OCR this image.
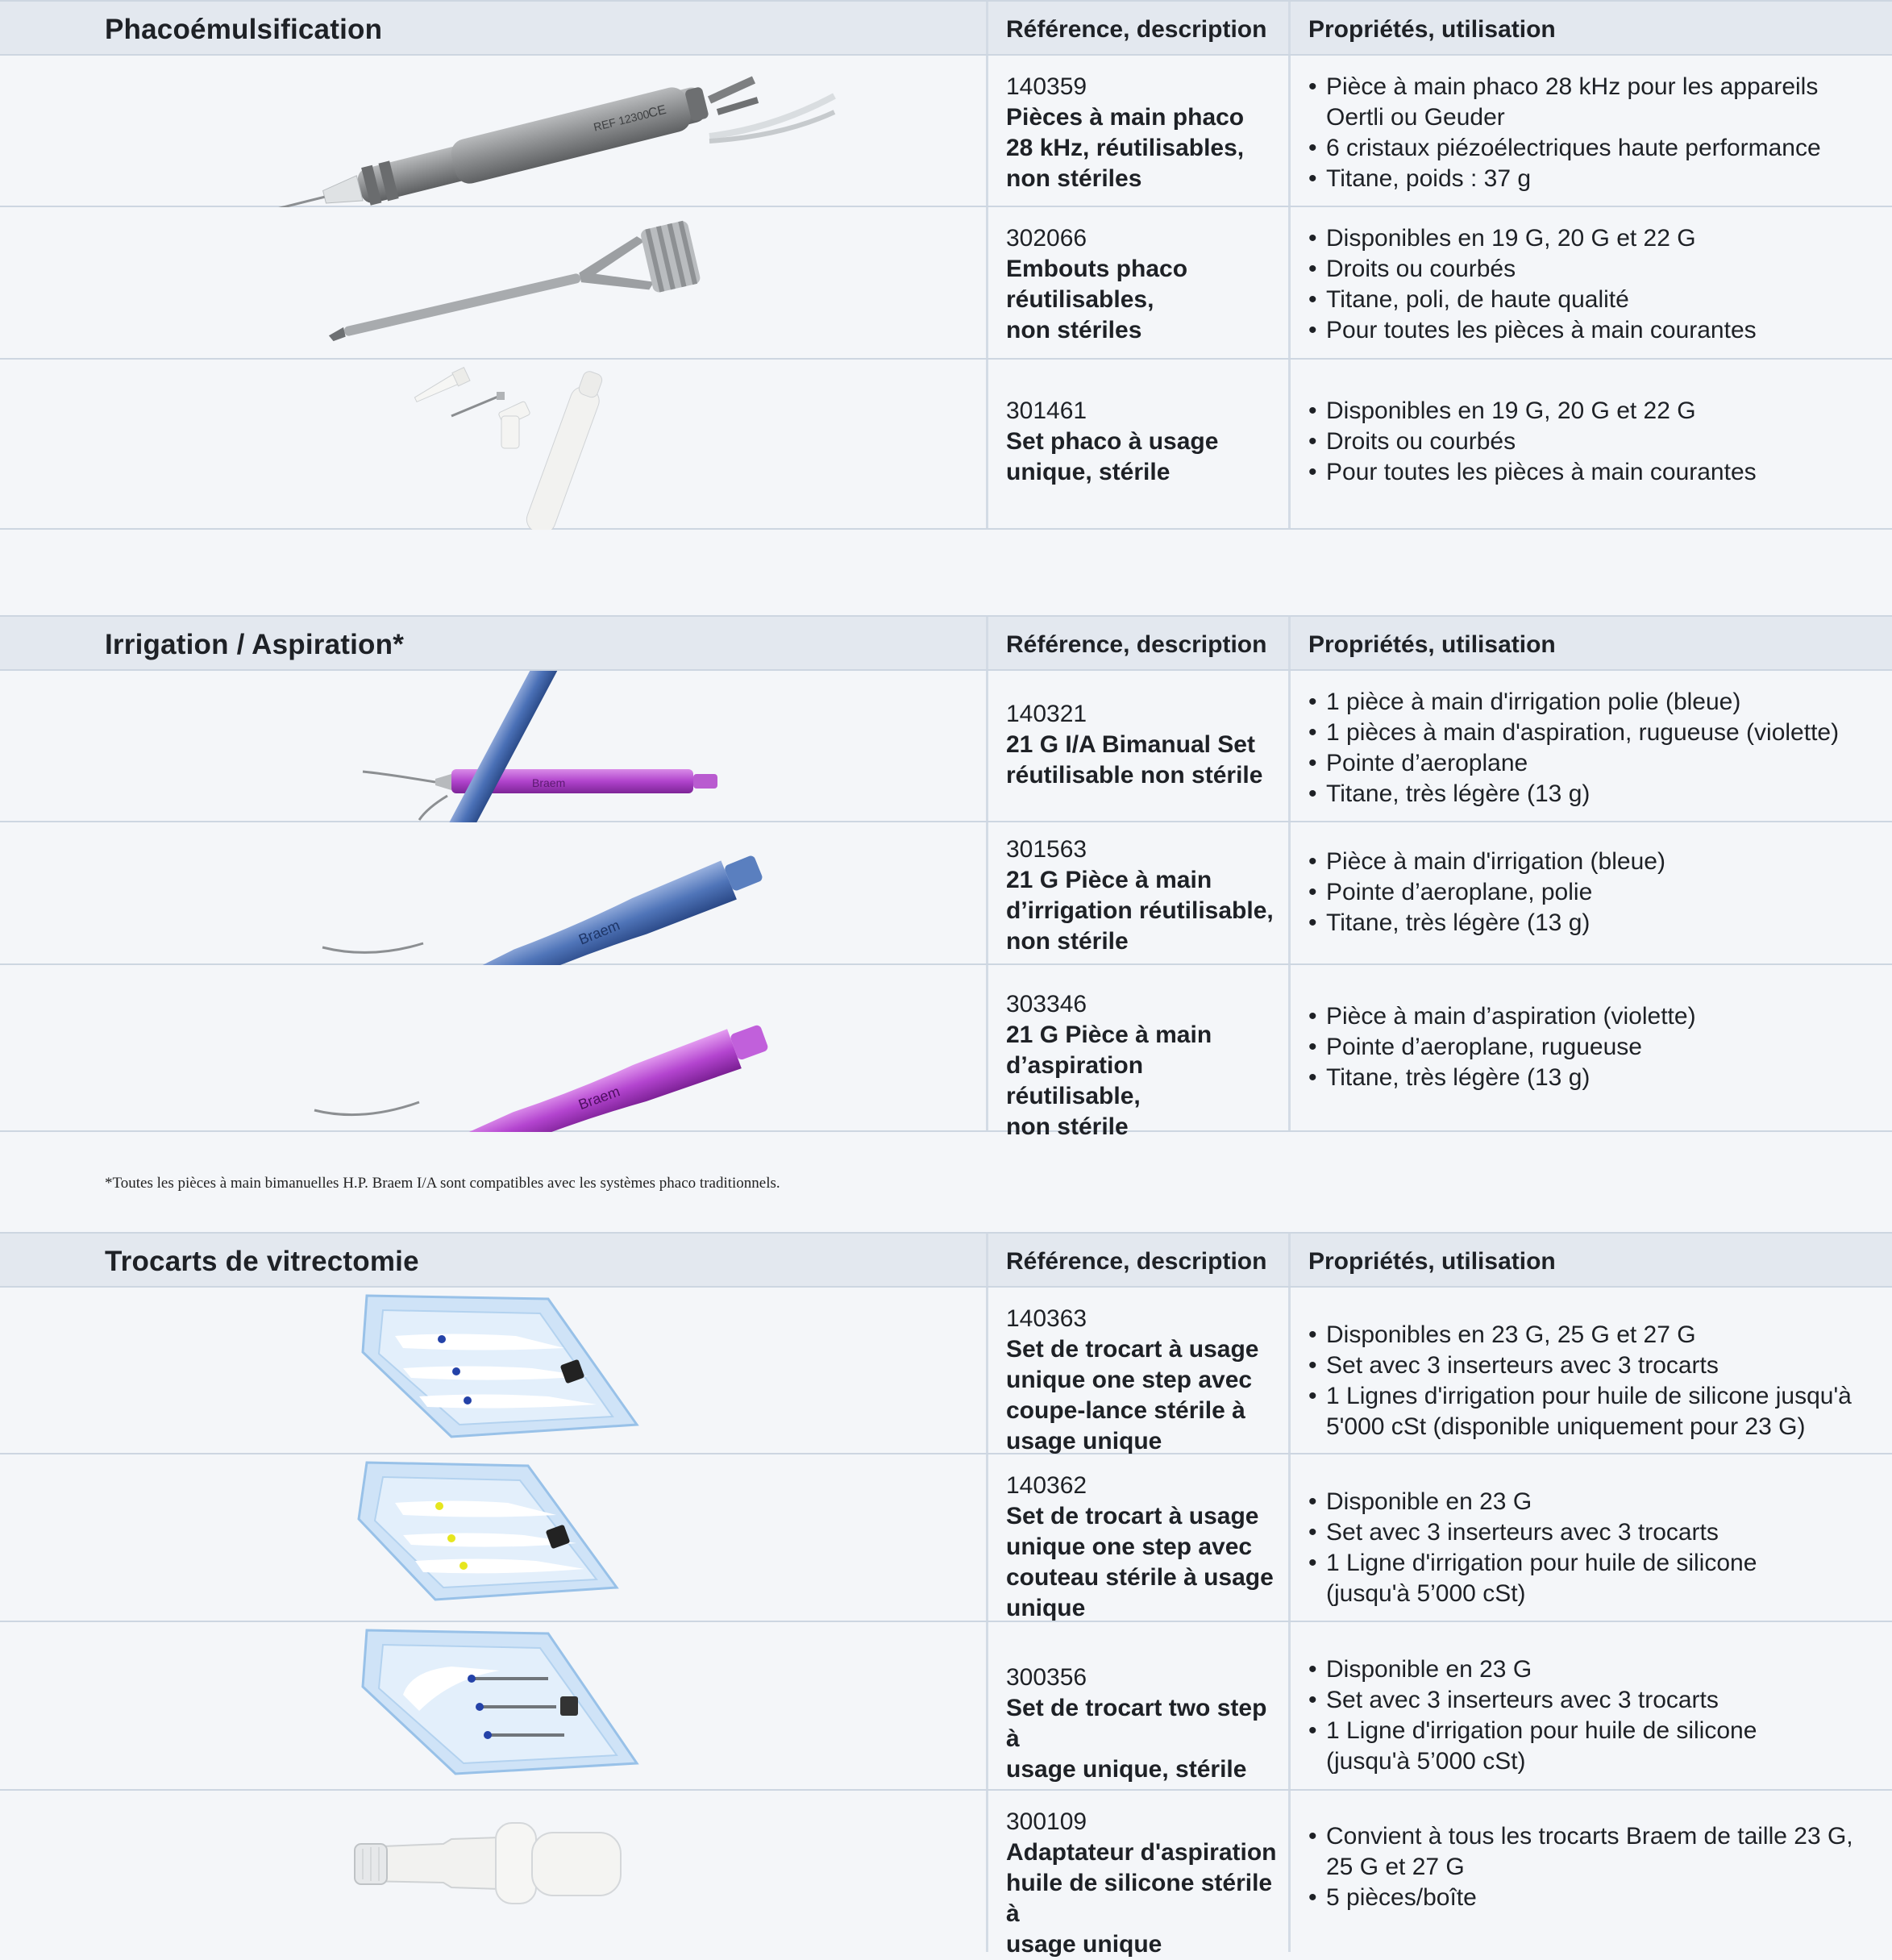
Phacoémulsification	Référence, description Propriétés, utilisation
REF 12300
CE
140359
Pièces à main phaco
28 kHz, réutilisables,
non stériles
• Pièce à main phaco 28 kHz pour les appareils
Oertli ou Geuder
• 6 cristaux piézoélectriques haute performance
• Titane, poids : 37 g
302066
Embouts phaco
réutilisables,
non stériles
• Disponibles en 19 G, 20 G et 22 G
• Droits ou courbés
• Titane, poli, de haute qualité
• Pour toutes les pièces à main courantes
301461
Set phaco à usage
unique, stérile
• Disponibles en 19 G, 20 G et 22 G
• Droits ou courbés
• Pour toutes les pièces à main courantes
Irrigation / Aspiration*	Référence, description Propriétés, utilisation
Braem
140321
21 G I/A Bimanual Set
réutilisable non stérile
• 1 pièce à main d'irrigation polie (bleue)
• 1 pièces à main d'aspiration, rugueuse (violette)
• Pointe d’aeroplane
• Titane, très légère (13 g)
Braem
301563
21 G Pièce à main
d’irrigation réutilisable,
non stérile
• Pièce à main d'irrigation (bleue)
• Pointe d’aeroplane, polie
• Titane, très légère (13 g)
Braem
303346
21 G Pièce à main
d’aspiration réutilisable,
non stérile
• Pièce à main d’aspiration (violette)
• Pointe d’aeroplane, rugueuse
• Titane, très légère (13 g)
*Toutes les pièces à main bimanuelles H.P. Braem I/A sont compatibles avec les systèmes phaco traditionnels.
Trocarts de vitrectomie	Référence, description Propriétés, utilisation
140363
Set de trocart à usage
unique one step avec
coupe-lance stérile à
usage unique
• Disponibles en 23 G, 25 G et 27 G
• Set avec 3 inserteurs avec 3 trocarts
• 1 Lignes d'irrigation pour huile de silicone jusqu'à
5'000 cSt (disponible uniquement pour 23 G)
140362
Set de trocart à usage
unique one step avec
couteau stérile à usage
unique
• Disponible en 23 G
• Set avec 3 inserteurs avec 3 trocarts
• 1 Ligne d'irrigation pour huile de silicone
(jusqu'à 5’000 cSt)
300356
Set de trocart two step à
usage unique, stérile
• Disponible en 23 G
• Set avec 3 inserteurs avec 3 trocarts
• 1 Ligne d'irrigation pour huile de silicone
(jusqu'à 5’000 cSt)
300109
Adaptateur d'aspiration
huile de silicone stérile à
usage unique
• Convient à tous les trocarts Braem de taille 23 G,
25 G et 27 G
• 5 pièces/boîte
